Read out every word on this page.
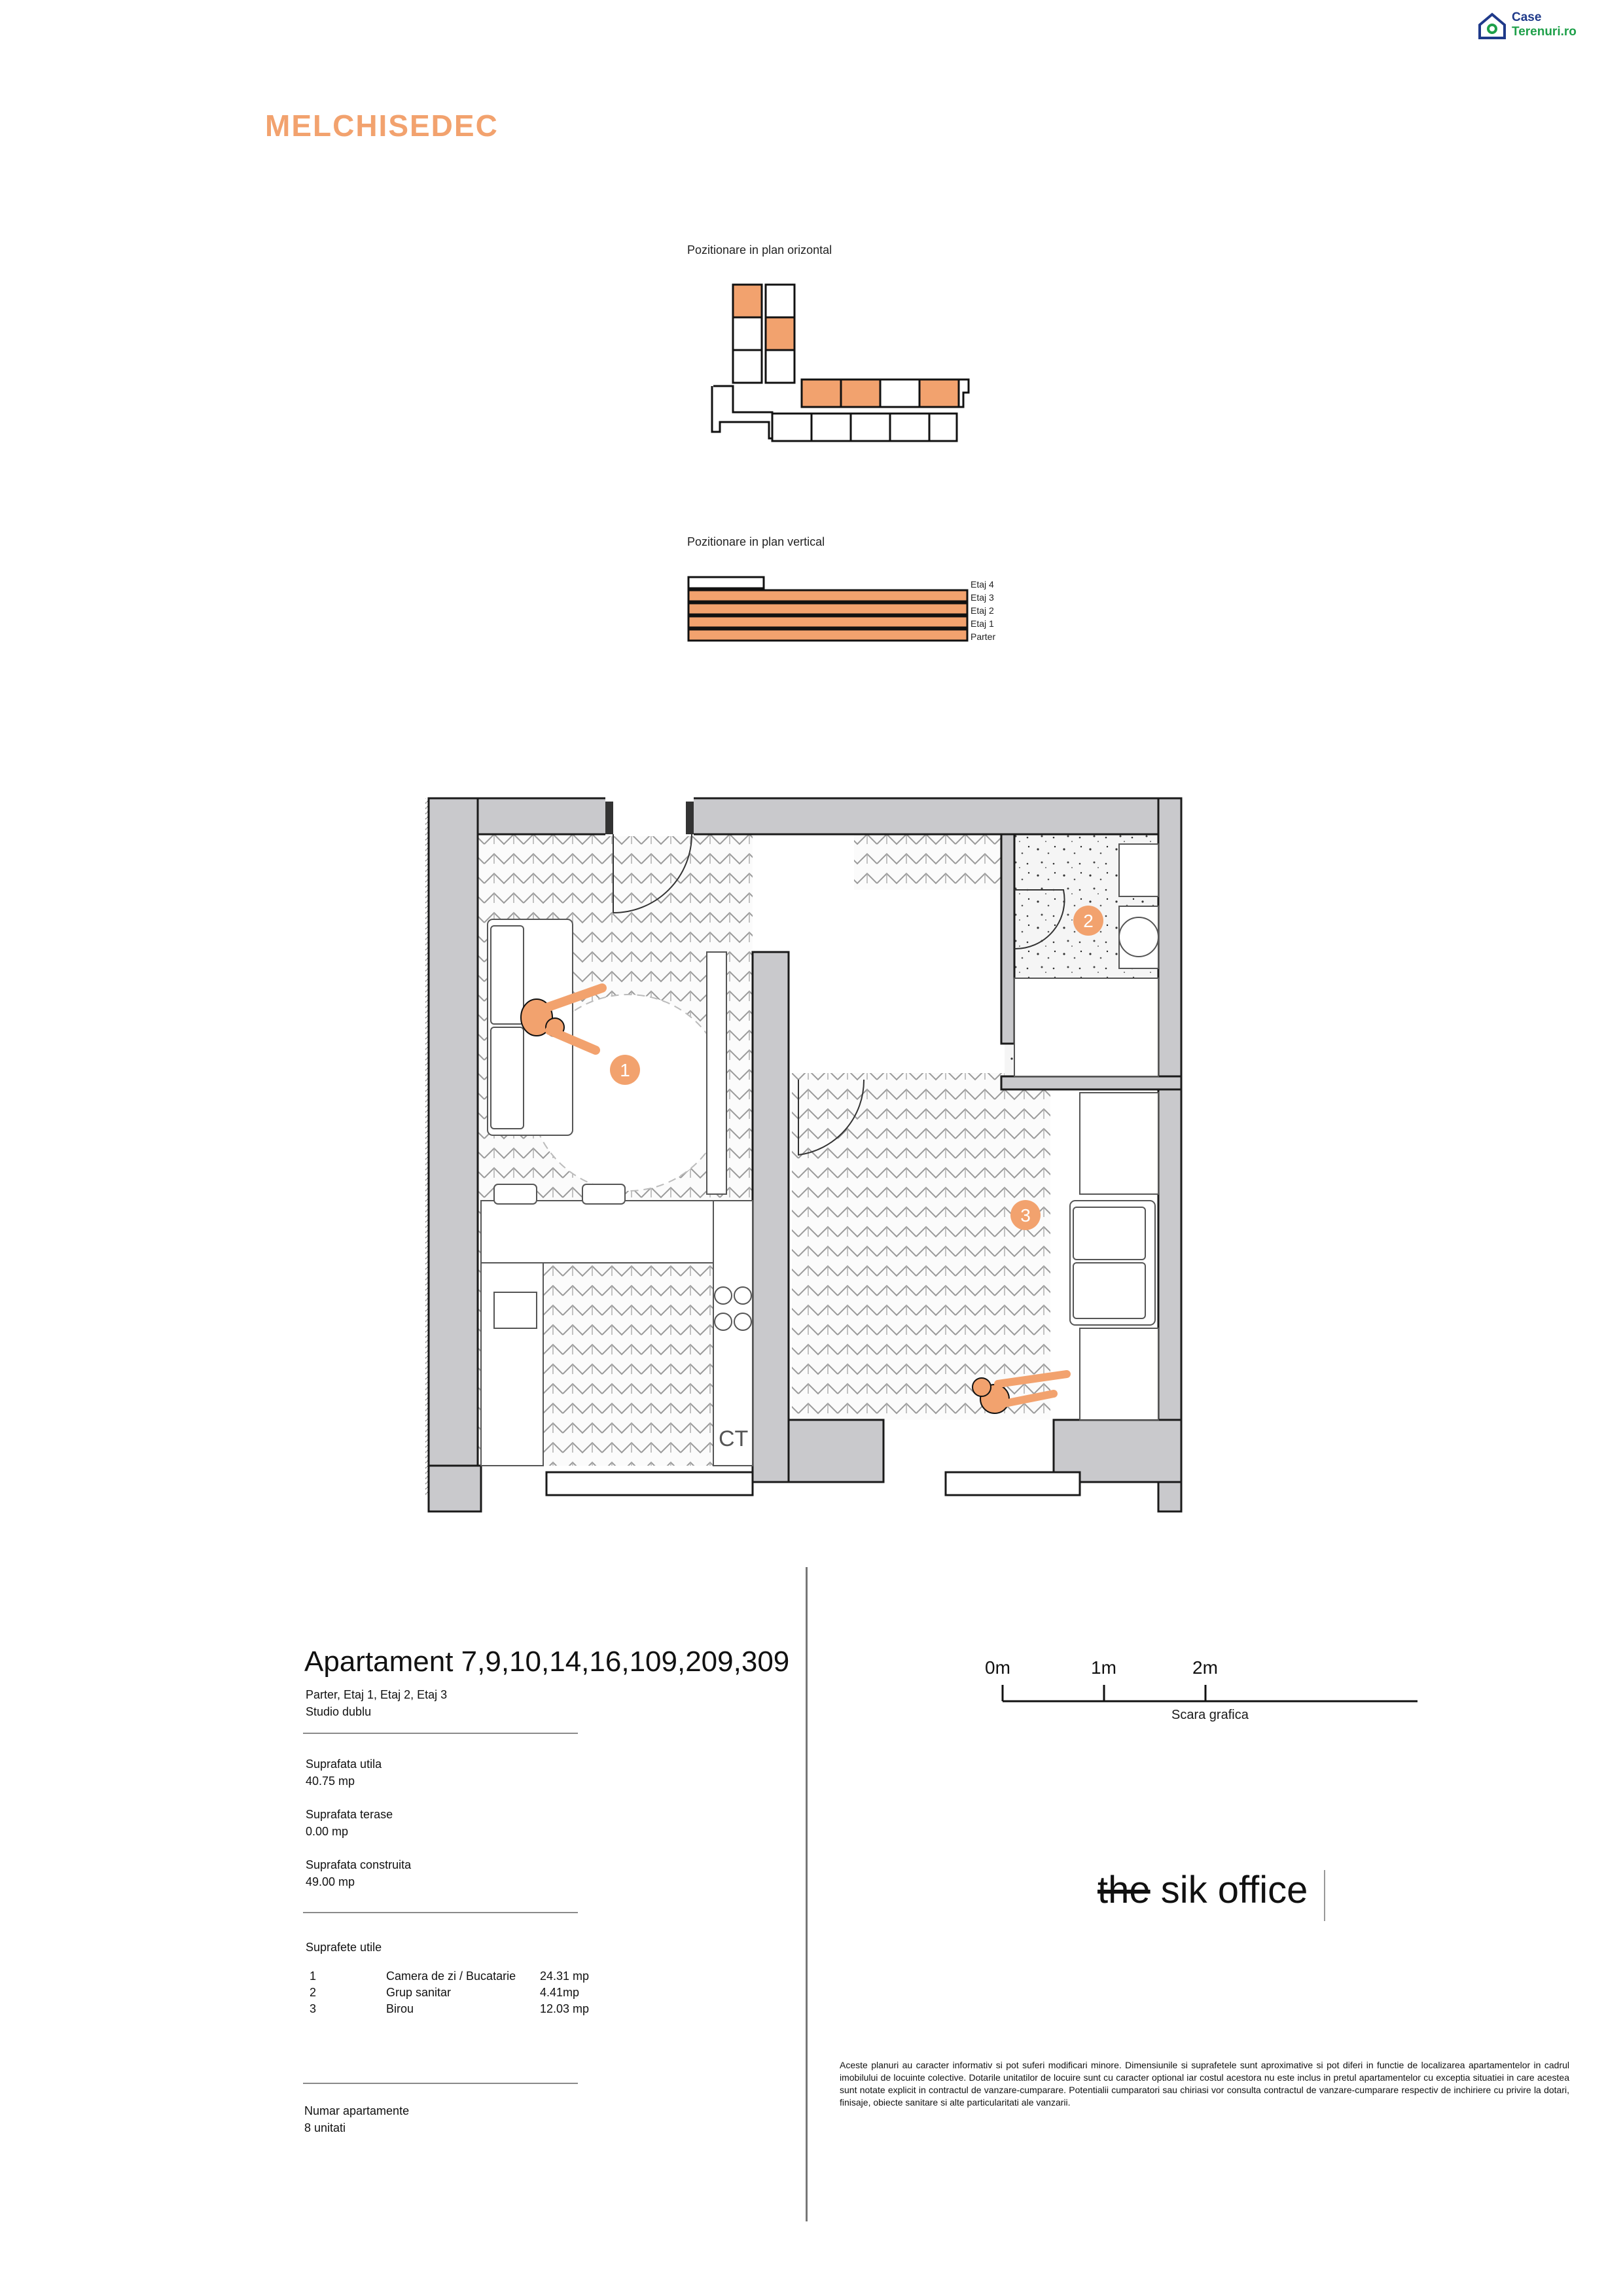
MELCHISEDEC
Case
Terenuri.ro
Pozitionare in plan orizontal
Pozitionare in plan vertical
Etaj 4
Etaj 3
Etaj 2
Etaj 1
Parter
CT
1
2
3
Apartament 7,9,10,14,16,109,209,309
Parter, Etaj 1, Etaj 2, Etaj 3
Studio dublu
Suprafata utila
40.75 mp
Suprafata terase
0.00 mp
Suprafata construita
49.00 mp
Suprafete utile
1	Camera de zi / Bucatarie 24.31 mp
2	Grup sanitar	4.41mp
3	Birou	12.03 mp
Numar apartamente
8 unitati
0m	1m	2m
Scara grafica
the sik office
Aceste planuri au caracter informativ si pot suferi modificari minore. Dimensiunile si suprafetele sunt aproximative si pot diferi in functie de localizarea apartamentelor in cadrul imobilului de locuinte colective. Dotarile unitatilor de locuire sunt cu caracter optional iar costul acestora nu este inclus in pretul apartamentelor cu exceptia situatiei in care acestea sunt notate explicit in contractul de vanzare-cumparare. Potentialii cumparatori sau chiriasi vor consulta contractul de vanzare-cumparare respectiv de inchiriere cu privire la dotari, finisaje, obiecte sanitare si alte particularitati ale vanzarii.
